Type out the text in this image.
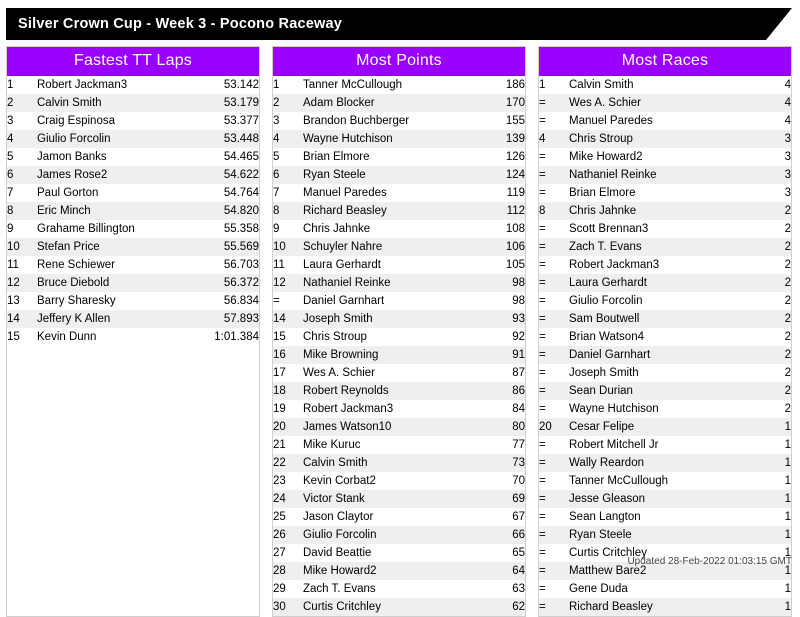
Silver Crown Cup - Week 3 - Pocono Raceway
Fastest TT Laps
1	Robert Jackman3	53.142
2	Calvin Smith	53.179
3	Craig Espinosa	53.377
4	Giulio Forcolin	53.448
5	Jamon Banks	54.465
6	James Rose2	54.622
7	Paul Gorton	54.764
8	Eric Minch	54.820
9	Grahame Billington	55.358
10	Stefan Price	55.569
11	Rene Schiewer	56.703
12	Bruce Diebold	56.372
13	Barry Sharesky	56.834
14	Jeffery K Allen	57.893
15	Kevin Dunn	1:01.384
Most Points
1	Tanner McCullough	186
2	Adam Blocker	170
3	Brandon Buchberger	155
4	Wayne Hutchison	139
5	Brian Elmore	126
6	Ryan Steele	124
7	Manuel Paredes	119
8	Richard Beasley	112
9	Chris Jahnke	108
10	Schuyler Nahre	106
11	Laura Gerhardt	105
12	Nathaniel Reinke	98
=	Daniel Garnhart	98
14	Joseph Smith	93
15	Chris Stroup	92
16	Mike Browning	91
17	Wes A. Schier	87
18	Robert Reynolds	86
19	Robert Jackman3	84
20	James Watson10	80
21	Mike Kuruc	77
22	Calvin Smith	73
23	Kevin Corbat2	70
24	Victor Stank	69
25	Jason Claytor	67
26	Giulio Forcolin	66
27	David Beattie	65
28	Mike Howard2	64
29	Zach T. Evans	63
30	Curtis Critchley	62
Most Races
1	Calvin Smith	4
=	Wes A. Schier	4
=	Manuel Paredes	4
4	Chris Stroup	3
=	Mike Howard2	3
=	Nathaniel Reinke	3
=	Brian Elmore	3
8	Chris Jahnke	2
=	Scott Brennan3	2
=	Zach T. Evans	2
=	Robert Jackman3	2
=	Laura Gerhardt	2
=	Giulio Forcolin	2
=	Sam Boutwell	2
=	Brian Watson4	2
=	Daniel Garnhart	2
=	Joseph Smith	2
=	Sean Durian	2
=	Wayne Hutchison	2
20	Cesar Felipe	1
=	Robert Mitchell Jr	1
=	Wally Reardon	1
=	Tanner McCullough	1
=	Jesse Gleason	1
=	Sean Langton	1
=	Ryan Steele	1
=	Curtis Critchley	1
=	Matthew Bare2	1
=	Gene Duda	1
=	Richard Beasley	1
Updated 28-Feb-2022 01:03:15 GMT
